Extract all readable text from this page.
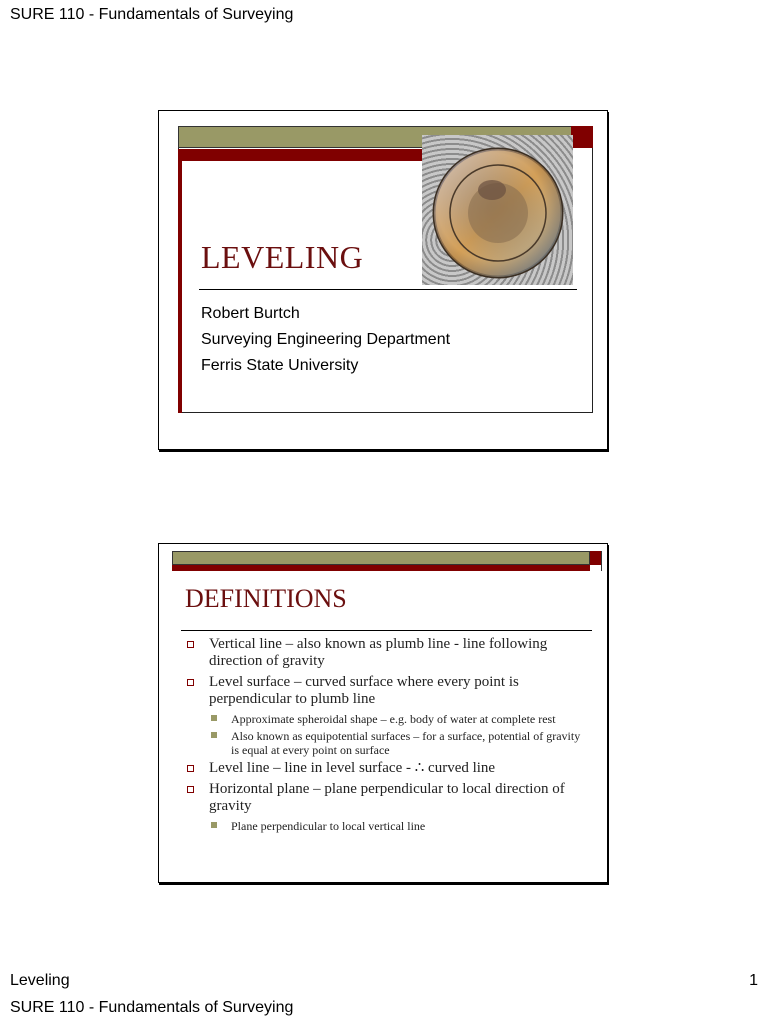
SURE 110 - Fundamentals of Surveying
LEVELING
Robert Burtch
Surveying Engineering Department
Ferris State University
DEFINITIONS
Vertical line – also known as plumb line - line following direction of gravity
Level surface – curved surface where every point is perpendicular to plumb line
Approximate spheroidal shape – e.g. body of water at complete rest
Also known as equipotential surfaces – for a surface, potential of gravity is equal at every point on surface
Level line – line in level surface - ∴ curved line
Horizontal plane – plane perpendicular to local direction of gravity
Plane perpendicular to local vertical line
Leveling	1
SURE 110 - Fundamentals of Surveying
